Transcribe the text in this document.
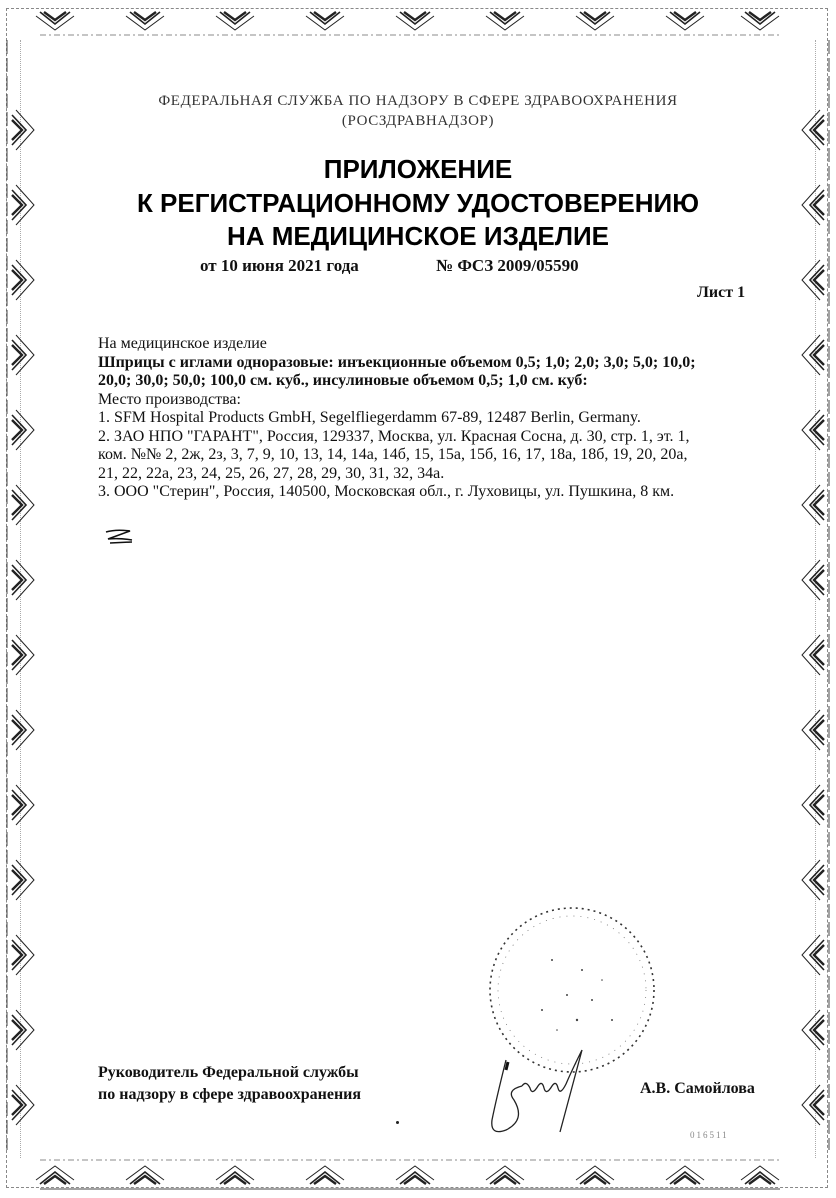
ФЕДЕРАЛЬНАЯ СЛУЖБА ПО НАДЗОРУ В СФЕРЕ ЗДРАВООХРАНЕНИЯ
(РОСЗДРАВНАДЗОР)
ПРИЛОЖЕНИЕ
К РЕГИСТРАЦИОННОМУ УДОСТОВЕРЕНИЮ
НА МЕДИЦИНСКОЕ ИЗДЕЛИЕ
от 10 июня 2021 года	№ ФСЗ 2009/05590
Лист 1

На медицинское изделие

Шприцы с иглами одноразовые: инъекционные объемом 0,5; 1,0; 2,0; 3,0; 5,0; 10,0;

20,0; 30,0; 50,0; 100,0 см. куб., инсулиновые объемом 0,5; 1,0 см. куб:

Место производства:

1. SFM Hospital Products GmbH, Segelfliegerdamm 67-89, 12487 Berlin, Germany.

2. ЗАО НПО "ГАРАНТ", Россия, 129337, Москва, ул. Красная Сосна, д. 30, стр. 1, эт. 1,

ком. №№ 2, 2ж, 2з, 3, 7, 9, 10, 13, 14, 14а, 14б, 15, 15а, 15б, 16, 17, 18а, 18б, 19, 20, 20а,

21, 22, 22а, 23, 24, 25, 26, 27, 28, 29, 30, 31, 32, 34а.

3. ООО "Стерин", Россия, 140500, Московская обл., г. Луховицы, ул. Пушкина, 8 км.

Руководитель Федеральной службы
по надзору в сфере здравоохранения	А.В. Самойлова
016511
